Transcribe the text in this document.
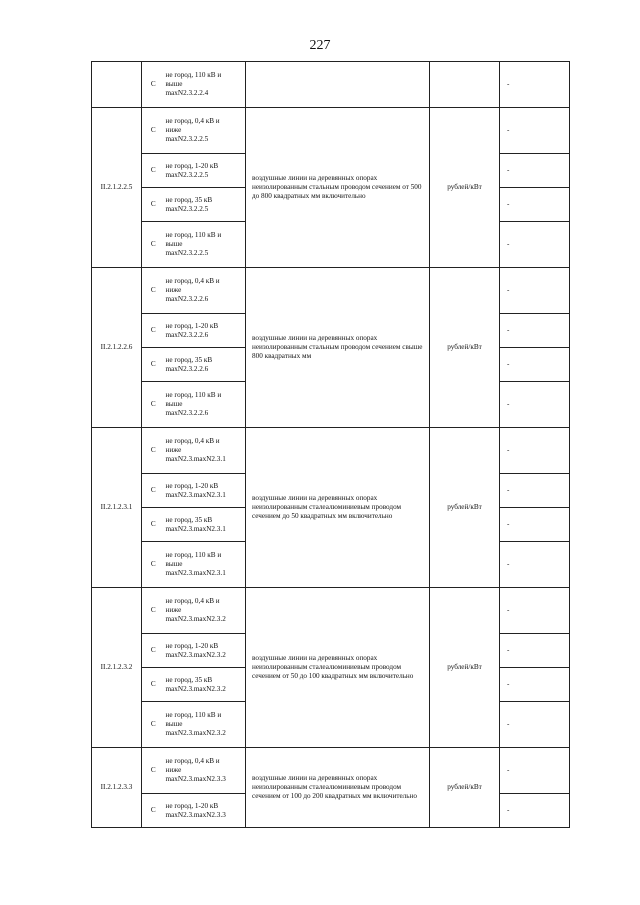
227
	С	не город, 110 кВ и
выше
maxN2.3.2.2.4			-
II.2.1.2.2.5	С	не город, 0,4 кВ и
ниже
maxN2.3.2.2.5	воздушные линии на деревянных опорах неизолированным стальным проводом сечением от 500 до 800 квадратных мм включительно	рублей/кВт	-
	С	не город, 1-20 кВ
maxN2.3.2.2.5			-
	С	не город, 35 кВ
maxN2.3.2.2.5			-
	С	не город, 110 кВ и
выше
maxN2.3.2.2.5			-
II.2.1.2.2.6	С	не город, 0,4 кВ и
ниже
maxN2.3.2.2.6	воздушные линии на деревянных опорах неизолированным стальным проводом сечением свыше 800 квадратных мм	рублей/кВт	-
	С	не город, 1-20 кВ
maxN2.3.2.2.6			-
	С	не город, 35 кВ
maxN2.3.2.2.6			-
	С	не город, 110 кВ и
выше
maxN2.3.2.2.6			-
II.2.1.2.3.1	С	не город, 0,4 кВ и
ниже
maxN2.3.maxN2.3.1	воздушные линии на деревянных опорах неизолированным сталеалюминиевым проводом сечением до 50 квадратных мм включительно	рублей/кВт	-
	С	не город, 1-20 кВ
maxN2.3.maxN2.3.1			-
	С	не город, 35 кВ
maxN2.3.maxN2.3.1			-
	С	не город, 110 кВ и
выше
maxN2.3.maxN2.3.1			-
II.2.1.2.3.2	С	не город, 0,4 кВ и
ниже
maxN2.3.maxN2.3.2	воздушные линии на деревянных опорах неизолированным сталеалюминиевым проводом сечением от 50 до 100 квадратных мм включительно	рублей/кВт	-
	С	не город, 1-20 кВ
maxN2.3.maxN2.3.2			-
	С	не город, 35 кВ
maxN2.3.maxN2.3.2			-
	С	не город, 110 кВ и
выше
maxN2.3.maxN2.3.2			-
II.2.1.2.3.3	С	не город, 0,4 кВ и
ниже
maxN2.3.maxN2.3.3	воздушные линии на деревянных опорах неизолированным сталеалюминиевым проводом сечением от 100 до 200 квадратных мм включительно	рублей/кВт	-
	С	не город, 1-20 кВ
maxN2.3.maxN2.3.3			-
